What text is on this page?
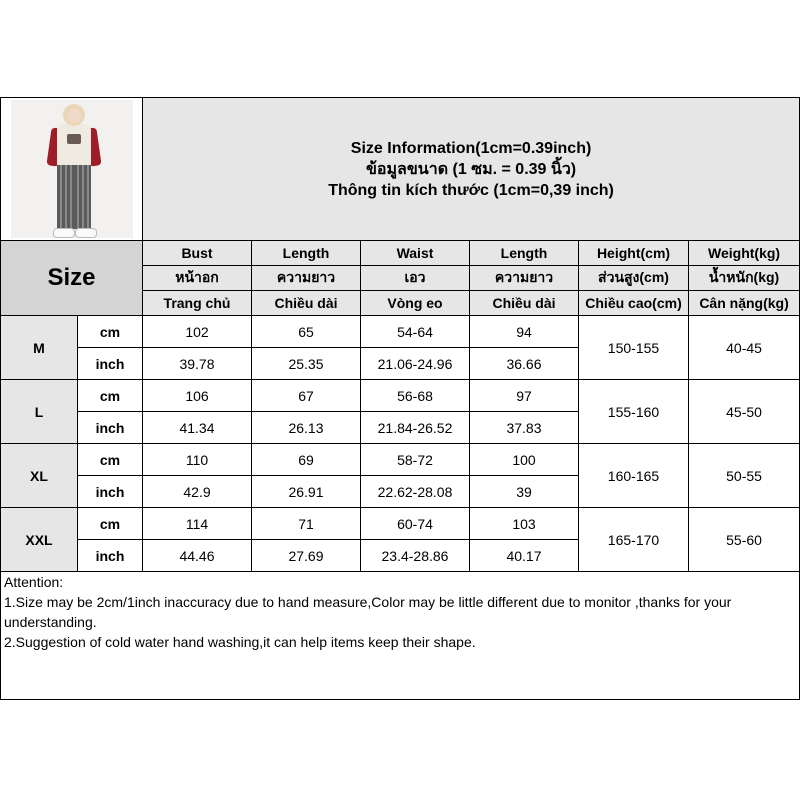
		Size Information(1cm=0.39inch)
ข้อมูลขนาด (1 ซม. = 0.39 นิ้ว)
Thông tin kích thước (1cm=0,39 inch)					

Size		Bust	Length	Waist	Length	Height(cm)	Weight(kg)
		หน้าอก	ความยาว	เอว	ความยาว	ส่วนสูง(cm)	น้ำหนัก(kg)
		Trang chủ	Chiều dài	Vòng eo	Chiều dài	Chiều cao(cm)	Cân nặng(kg)
M	cm	102	65	54-64	94	150-155	40-45
	inch	39.78	25.35	21.06-24.96	36.66		
L	cm	106	67	56-68	97	155-160	45-50
	inch	41.34	26.13	21.84-26.52	37.83		
XL	cm	110	69	58-72	100	160-165	50-55
	inch	42.9	26.91	22.62-28.08	39		
XXL	cm	114	71	60-74	103	165-170	55-60
	inch	44.46	27.69	23.4-28.86	40.17		

Attention:
1.Size may be 2cm/1inch inaccuracy due to hand measure,Color may be little different due to monitor ,thanks for your understanding.
2.Suggestion of cold water hand washing,it can help items keep their shape.							
